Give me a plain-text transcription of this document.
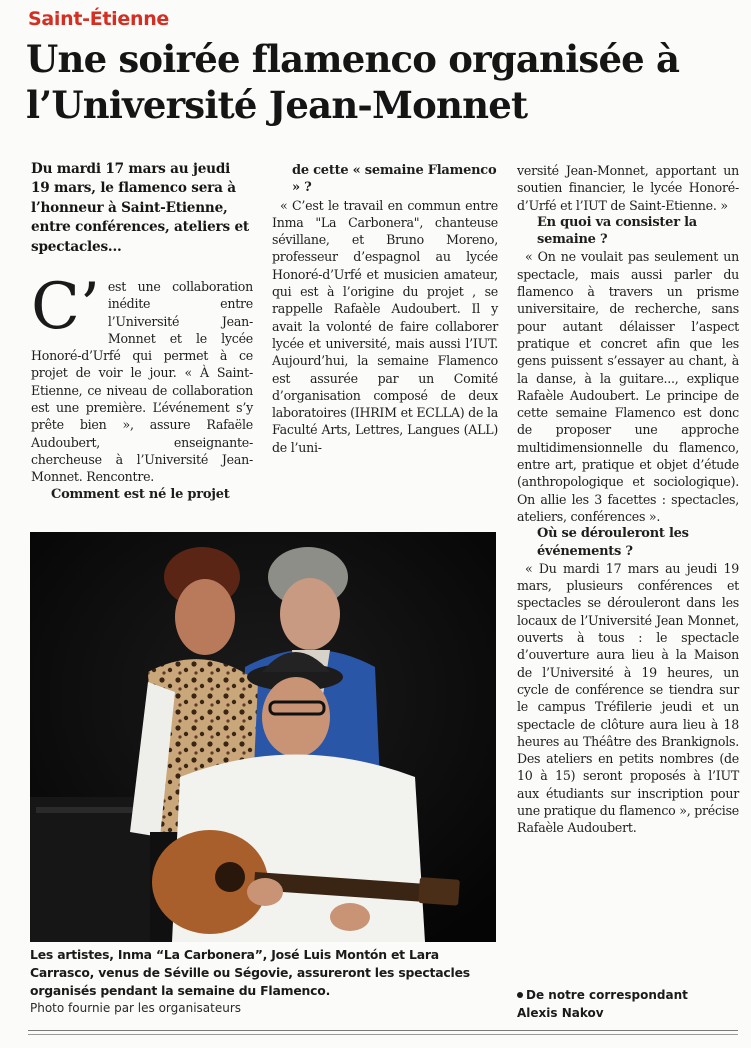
Saint-Étienne
Une soirée flamenco organisée à l’Université Jean-Monnet
Du mardi 17 mars au jeudi 19 mars, le flamenco sera à l’honneur à Saint-Etienne, entre conférences, ateliers et spectacles...
C’ est une collaboration inédite entre l’Université Jean-Monnet et le lycée Honoré-d’Urfé qui permet à ce projet de voir le jour. « À Saint-Etienne, ce niveau de collaboration est une première. L’événement s’y prête bien », assure Rafaële Audoubert, enseignante-chercheuse à l’Université Jean-Monnet. Rencontre.

Comment est né le projet

de cette « semaine Flamenco » ?

« C’est le travail en commun entre Inma "La Carbonera", chanteuse sévillane, et Bruno Moreno, professeur d’espagnol au lycée Honoré-d’Urfé et musicien amateur, qui est à l’origine du projet , se rappelle Rafaèle Audoubert. Il y avait la volonté de faire collaborer lycée et université, mais aussi l’IUT. Aujourd’hui, la semaine Flamenco est assurée par un Comité d’organisation composé de deux laboratoires (IHRIM et ECLLA) de la Faculté Arts, Lettres, Langues (ALL) de l’uni-

versité Jean-Monnet, apportant un soutien financier, le lycée Honoré-d’Urfé et l’IUT de Saint-Etienne. »

En quoi va consister la semaine ?

« On ne voulait pas seulement un spectacle, mais aussi parler du flamenco à travers un prisme universitaire, de recherche, sans pour autant délaisser l’aspect pratique et concret afin que les gens puissent s’essayer au chant, à la danse, à la guitare..., explique Rafaèle Audoubert. Le principe de cette semaine Flamenco est donc de proposer une approche multidimensionnelle du flamenco, entre art, pratique et objet d’étude (anthropologique et sociologique). On allie les 3 facettes : spectacles, ateliers, conférences ».

Où se dérouleront les événements ?

« Du mardi 17 mars au jeudi 19 mars, plusieurs conférences et spectacles se dérouleront dans les locaux de l’Université Jean Monnet, ouverts à tous : le spectacle d’ouverture aura lieu à la Maison de l’Université à 19 heures, un cycle de conférence se tiendra sur le campus Tréfilerie jeudi et un spectacle de clôture aura lieu à 18 heures au Théâtre des Brankignols. Des ateliers en petits nombres (de 10 à 15) seront proposés à l’IUT aux étudiants sur inscription pour une pratique du flamenco », précise Rafaèle Audoubert.

Les artistes, Inma “La Carbonera”, José Luis Montón et Lara Carrasco, venus de Séville ou Ségovie, assureront les spectacles organisés pendant la semaine du Flamenco.
Photo fournie par les organisateurs
De notre correspondant
Alexis Nakov
